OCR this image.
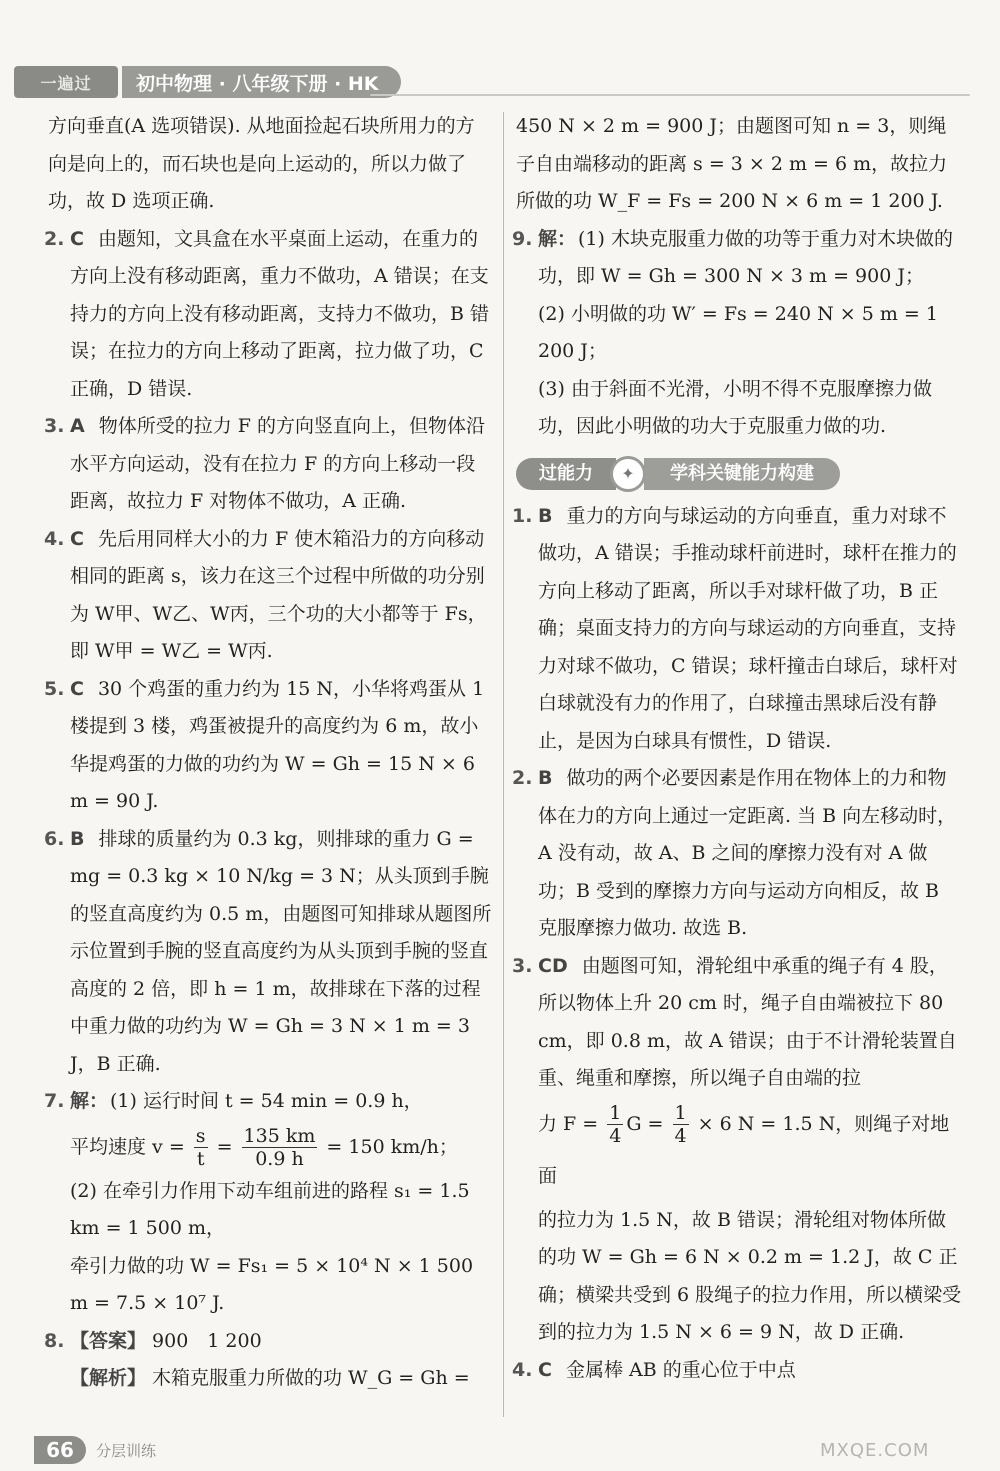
一遍过	初中物理 · 八年级下册 · HK

方向垂直(A 选项错误). 从地面捡起石块所用力的方向是向上的，而石块也是向上运动的，所以力做了功，故 D 选项正确.

2. C 由题知，文具盒在水平桌面上运动，在重力的方向上没有移动距离，重力不做功，A 错误；在支持力的方向上没有移动距离，支持力不做功，B 错误；在拉力的方向上移动了距离，拉力做了功，C 正确，D 错误.

3. A 物体所受的拉力 F 的方向竖直向上，但物体沿水平方向运动，没有在拉力 F 的方向上移动一段距离，故拉力 F 对物体不做功，A 正确.

4. C 先后用同样大小的力 F 使木箱沿力的方向移动相同的距离 s，该力在这三个过程中所做的功分别为 W甲、W乙、W丙，三个功的大小都等于 Fs，即 W甲 = W乙 = W丙.

5. C 30 个鸡蛋的重力约为 15 N，小华将鸡蛋从 1 楼提到 3 楼，鸡蛋被提升的高度约为 6 m，故小华提鸡蛋的力做的功约为 W = Gh = 15 N × 6 m = 90 J.

6. B 排球的质量约为 0.3 kg，则排球的重力 G = mg = 0.3 kg × 10 N/kg = 3 N；从头顶到手腕的竖直高度约为 0.5 m，由题图可知排球从题图所示位置到手腕的竖直高度约为从头顶到手腕的竖直高度的 2 倍，即 h = 1 m，故排球在下落的过程中重力做的功约为 W = Gh = 3 N × 1 m = 3 J，B 正确.

7. 解： (1) 运行时间 t = 54 min = 0.9 h，

平均速度 $v = \frac{s}{t} = \frac{135 km}{0.9 h} = 150$ km/h；

(2) 在牵引力作用下动车组前进的路程 s₁ = 1.5 km = 1 500 m，

牵引力做的功 W = Fs₁ = 5 × 10⁴ N × 1 500 m = 7.5 × 10⁷ J.

8. 【答案】 900　1 200

【解析】 木箱克服重力所做的功 W_G = Gh =

450 N × 2 m = 900 J；由题图可知 n = 3，则绳子自由端移动的距离 s = 3 × 2 m = 6 m，故拉力所做的功 W_F = Fs = 200 N × 6 m = 1 200 J.

9. 解： (1) 木块克服重力做的功等于重力对木块做的功，即 W = Gh = 300 N × 3 m = 900 J；

(2) 小明做的功 W′ = Fs = 240 N × 5 m = 1 200 J；

(3) 由于斜面不光滑，小明不得不克服摩擦力做功，因此小明做的功大于克服重力做的功.

过能力	✦	学科关键能力构建

1. B 重力的方向与球运动的方向垂直，重力对球不做功，A 错误；手推动球杆前进时，球杆在推力的方向上移动了距离，所以手对球杆做了功，B 正确；桌面支持力的方向与球运动的方向垂直，支持力对球不做功，C 错误；球杆撞击白球后，球杆对白球就没有力的作用了，白球撞击黑球后没有静止，是因为白球具有惯性，D 错误.

2. B 做功的两个必要因素是作用在物体上的力和物体在力的方向上通过一定距离. 当 B 向左移动时，A 没有动，故 A、B 之间的摩擦力没有对 A 做功；B 受到的摩擦力方向与运动方向相反，故 B 克服摩擦力做功. 故选 B.

3. CD 由题图可知，滑轮组中承重的绳子有 4 股，所以物体上升 20 cm 时，绳子自由端被拉下 80 cm，即 0.8 m，故 A 错误；由于不计滑轮装置自重、绳重和摩擦，所以绳子自由端的拉

力 $F = \frac{1}{4}$ $G = \frac{1}{4} \times 6$ N = 1.5 N，则绳子对地面

的拉力为 1.5 N，故 B 错误；滑轮组对物体所做的功 W = Gh = 6 N × 0.2 m = 1.2 J，故 C 正确；横梁共受到 6 股绳子的拉力作用，所以横梁受到的拉力为 1.5 N × 6 = 9 N，故 D 正确.

4. C 金属棒 AB 的重心位于中点

66	分层训练	MXQE.COM
